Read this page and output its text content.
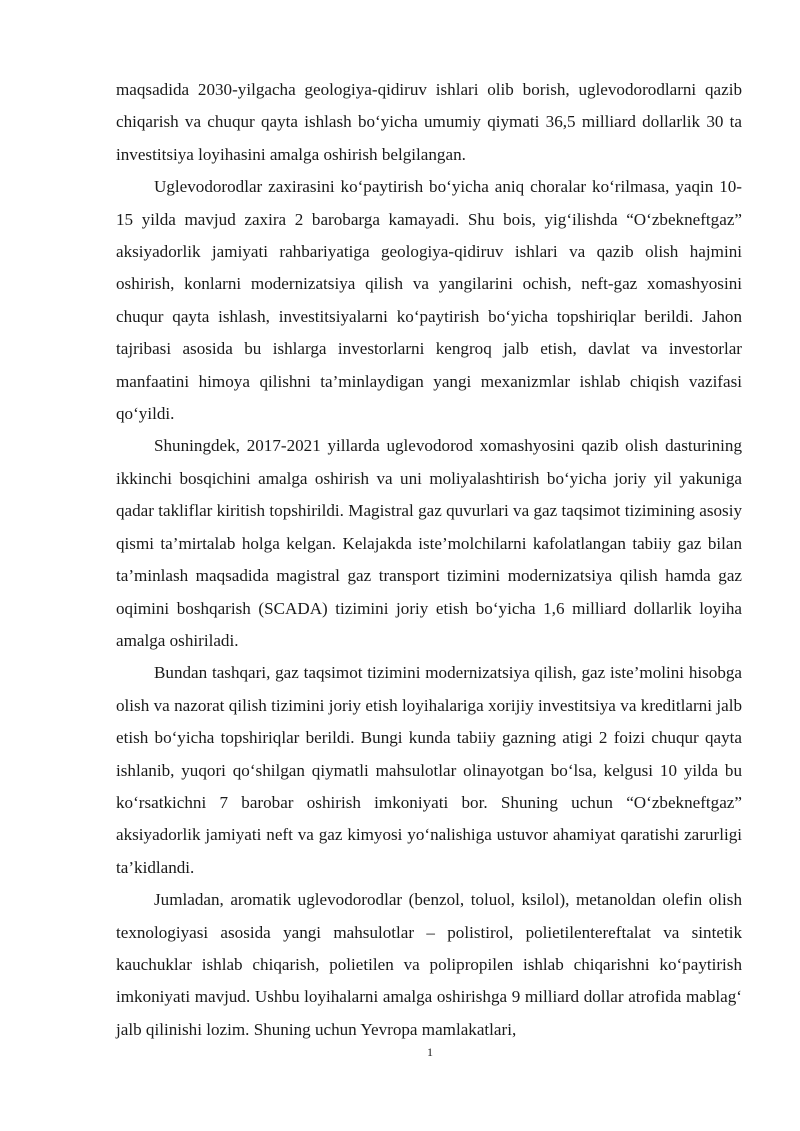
maqsadida 2030-yilgacha geologiya-qidiruv ishlari olib borish, uglevodorodlarni qazib chiqarish va chuqur qayta ishlash bo‘yicha umumiy qiymati 36,5 milliard dollarlik 30 ta investitsiya loyihasini amalga oshirish belgilangan.

Uglevodorodlar zaxirasini ko‘paytirish bo‘yicha aniq choralar ko‘rilmasa, yaqin 10-15 yilda mavjud zaxira 2 barobarga kamayadi. Shu bois, yig‘ilishda “O‘zbekneftgaz” aksiyadorlik jamiyati rahbariyatiga geologiya-qidiruv ishlari va qazib olish hajmini oshirish, konlarni modernizatsiya qilish va yangilarini ochish, neft-gaz xomashyosini chuqur qayta ishlash, investitsiyalarni ko‘paytirish bo‘yicha topshiriqlar berildi. Jahon tajribasi asosida bu ishlarga investorlarni kengroq jalb etish, davlat va investorlar manfaatini himoya qilishni ta’minlaydigan yangi mexanizmlar ishlab chiqish vazifasi qo‘yildi.

Shuningdek, 2017-2021 yillarda uglevodorod xomashyosini qazib olish dasturining ikkinchi bosqichini amalga oshirish va uni moliyalashtirish bo‘yicha joriy yil yakuniga qadar takliflar kiritish topshirildi. Magistral gaz quvurlari va gaz taqsimot tizimining asosiy qismi ta’mirtalab holga kelgan. Kelajakda iste’molchilarni kafolatlangan tabiiy gaz bilan ta’minlash maqsadida magistral gaz transport tizimini modernizatsiya qilish hamda gaz oqimini boshqarish (SCADA) tizimini joriy etish bo‘yicha 1,6 milliard dollarlik loyiha amalga oshiriladi.

Bundan tashqari, gaz taqsimot tizimini modernizatsiya qilish, gaz iste’molini hisobga olish va nazorat qilish tizimini joriy etish loyihalariga xorijiy investitsiya va kreditlarni jalb etish bo‘yicha topshiriqlar berildi. Bungi kunda tabiiy gazning atigi 2 foizi chuqur qayta ishlanib, yuqori qo‘shilgan qiymatli mahsulotlar olinayotgan bo‘lsa, kelgusi 10 yilda bu ko‘rsatkichni 7 barobar oshirish imkoniyati bor. Shuning uchun “O‘zbekneftgaz” aksiyadorlik jamiyati neft va gaz kimyosi yo‘nalishiga ustuvor ahamiyat qaratishi zarurligi ta’kidlandi.

Jumladan, aromatik uglevodorodlar (benzol, toluol, ksilol), metanoldan olefin olish texnologiyasi asosida yangi mahsulotlar – polistirol, polietilentereftalat va sintetik kauchuklar ishlab chiqarish, polietilen va polipropilen ishlab chiqarishni ko‘paytirish imkoniyati mavjud. Ushbu loyihalarni amalga oshirishga 9 milliard dollar atrofida mablag‘ jalb qilinishi lozim. Shuning uchun Yevropa mamlakatlari,

1
